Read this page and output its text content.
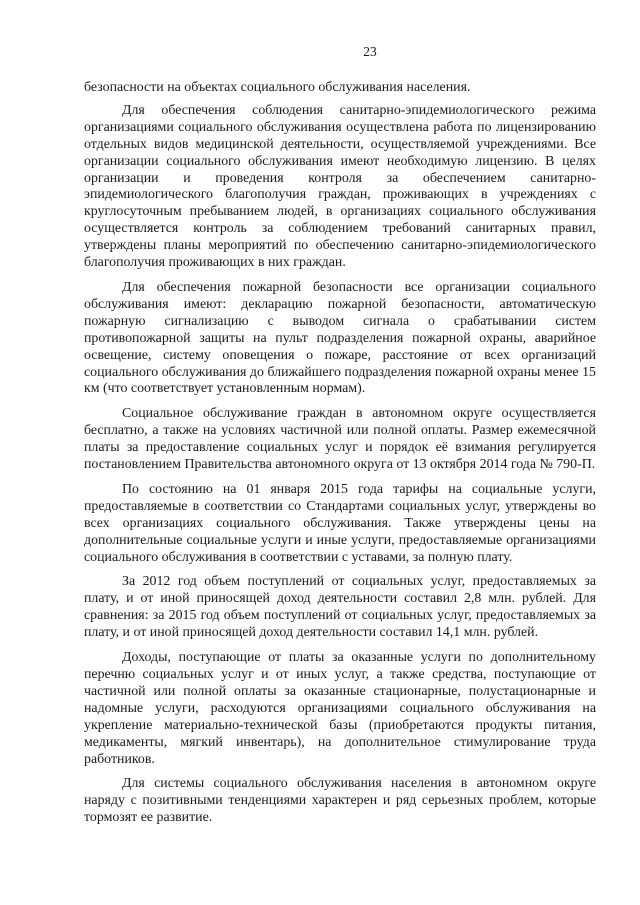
23

безопасности на объектах социального обслуживания населения.

Для обеспечения соблюдения санитарно-эпидемиологического режима организациями социального обслуживания осуществлена работа по лицензированию отдельных видов медицинской деятельности, осуществляемой учреждениями. Все организации социального обслуживания имеют необходимую лицензию. В целях организации и проведения контроля за обеспечением санитарно-эпидемиологического благополучия граждан, проживающих в учреждениях с круглосуточным пребыванием людей, в организациях социального обслуживания осуществляется контроль за соблюдением требований санитарных правил, утверждены планы мероприятий по обеспечению санитарно-эпидемиологического благополучия проживающих в них граждан.

Для обеспечения пожарной безопасности все организации социального обслуживания имеют: декларацию пожарной безопасности, автоматическую пожарную сигнализацию с выводом сигнала о срабатывании систем противопожарной защиты на пульт подразделения пожарной охраны, аварийное освещение, систему оповещения о пожаре, расстояние от всех организаций социального обслуживания до ближайшего подразделения пожарной охраны менее 15 км (что соответствует установленным нормам).

Социальное обслуживание граждан в автономном округе осуществляется бесплатно, а также на условиях частичной или полной оплаты. Размер ежемесячной платы за предоставление социальных услуг и порядок её взимания регулируется постановлением Правительства автономного округа от 13 октября 2014 года № 790-П.

По состоянию на 01 января 2015 года тарифы на социальные услуги, предоставляемые в соответствии со Стандартами социальных услуг, утверждены во всех организациях социального обслуживания. Также утверждены цены на дополнительные социальные услуги и иные услуги, предоставляемые организациями социального обслуживания в соответствии с уставами, за полную плату.

За 2012 год объем поступлений от социальных услуг, предоставляемых за плату, и от иной приносящей доход деятельности составил 2,8 млн. рублей. Для сравнения: за 2015 год объем поступлений от социальных услуг, предоставляемых за плату, и от иной приносящей доход деятельности составил 14,1 млн. рублей.

Доходы, поступающие от платы за оказанные услуги по дополнительному перечню социальных услуг и от иных услуг, а также средства, поступающие от частичной или полной оплаты за оказанные стационарные, полустационарные и надомные услуги, расходуются организациями социального обслуживания на укрепление материально-технической базы (приобретаются продукты питания, медикаменты, мягкий инвентарь), на дополнительное стимулирование труда работников.

Для системы социального обслуживания населения в автономном округе наряду с позитивными тенденциями характерен и ряд серьезных проблем, которые тормозят ее развитие.
